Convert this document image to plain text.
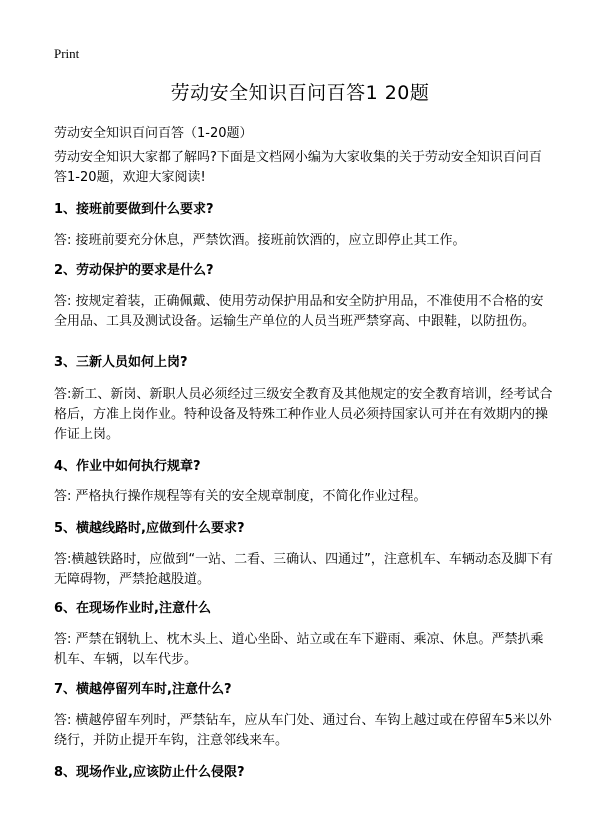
Print
劳动安全知识百问百答1 20题

劳动安全知识百问百答（1-20题）

劳动安全知识大家都了解吗?下面是文档网小编为大家收集的关于劳动安全知识百问百答1-20题，欢迎大家阅读!

1、接班前要做到什么要求?

答: 接班前要充分休息，严禁饮酒。接班前饮酒的，应立即停止其工作。

2、劳动保护的要求是什么?

答: 按规定着装，正确佩戴、使用劳动保护用品和安全防护用品，不准使用不合格的安全用品、工具及测试设备。运输生产单位的人员当班严禁穿高、中跟鞋，以防扭伤。

3、三新人员如何上岗?

答:新工、新岗、新职人员必须经过三级安全教育及其他规定的安全教育培训，经考试合格后，方准上岗作业。特种设备及特殊工种作业人员必须持国家认可并在有效期内的操作证上岗。

4、作业中如何执行规章?

答: 严格执行操作规程等有关的安全规章制度，不简化作业过程。

5、横越线路时,应做到什么要求?

答:横越铁路时，应做到“一站、二看、三确认、四通过”，注意机车、车辆动态及脚下有无障碍物，严禁抢越股道。

6、在现场作业时,注意什么

答: 严禁在钢轨上、枕木头上、道心坐卧、站立或在车下避雨、乘凉、休息。严禁扒乘机车、车辆，以车代步。

7、横越停留列车时,注意什么?

答: 横越停留车列时，严禁钻车，应从车门处、通过台、车钩上越过或在停留车5米以外绕行，并防止提开车钩，注意邻线来车。

8、现场作业,应该防止什么侵限?
